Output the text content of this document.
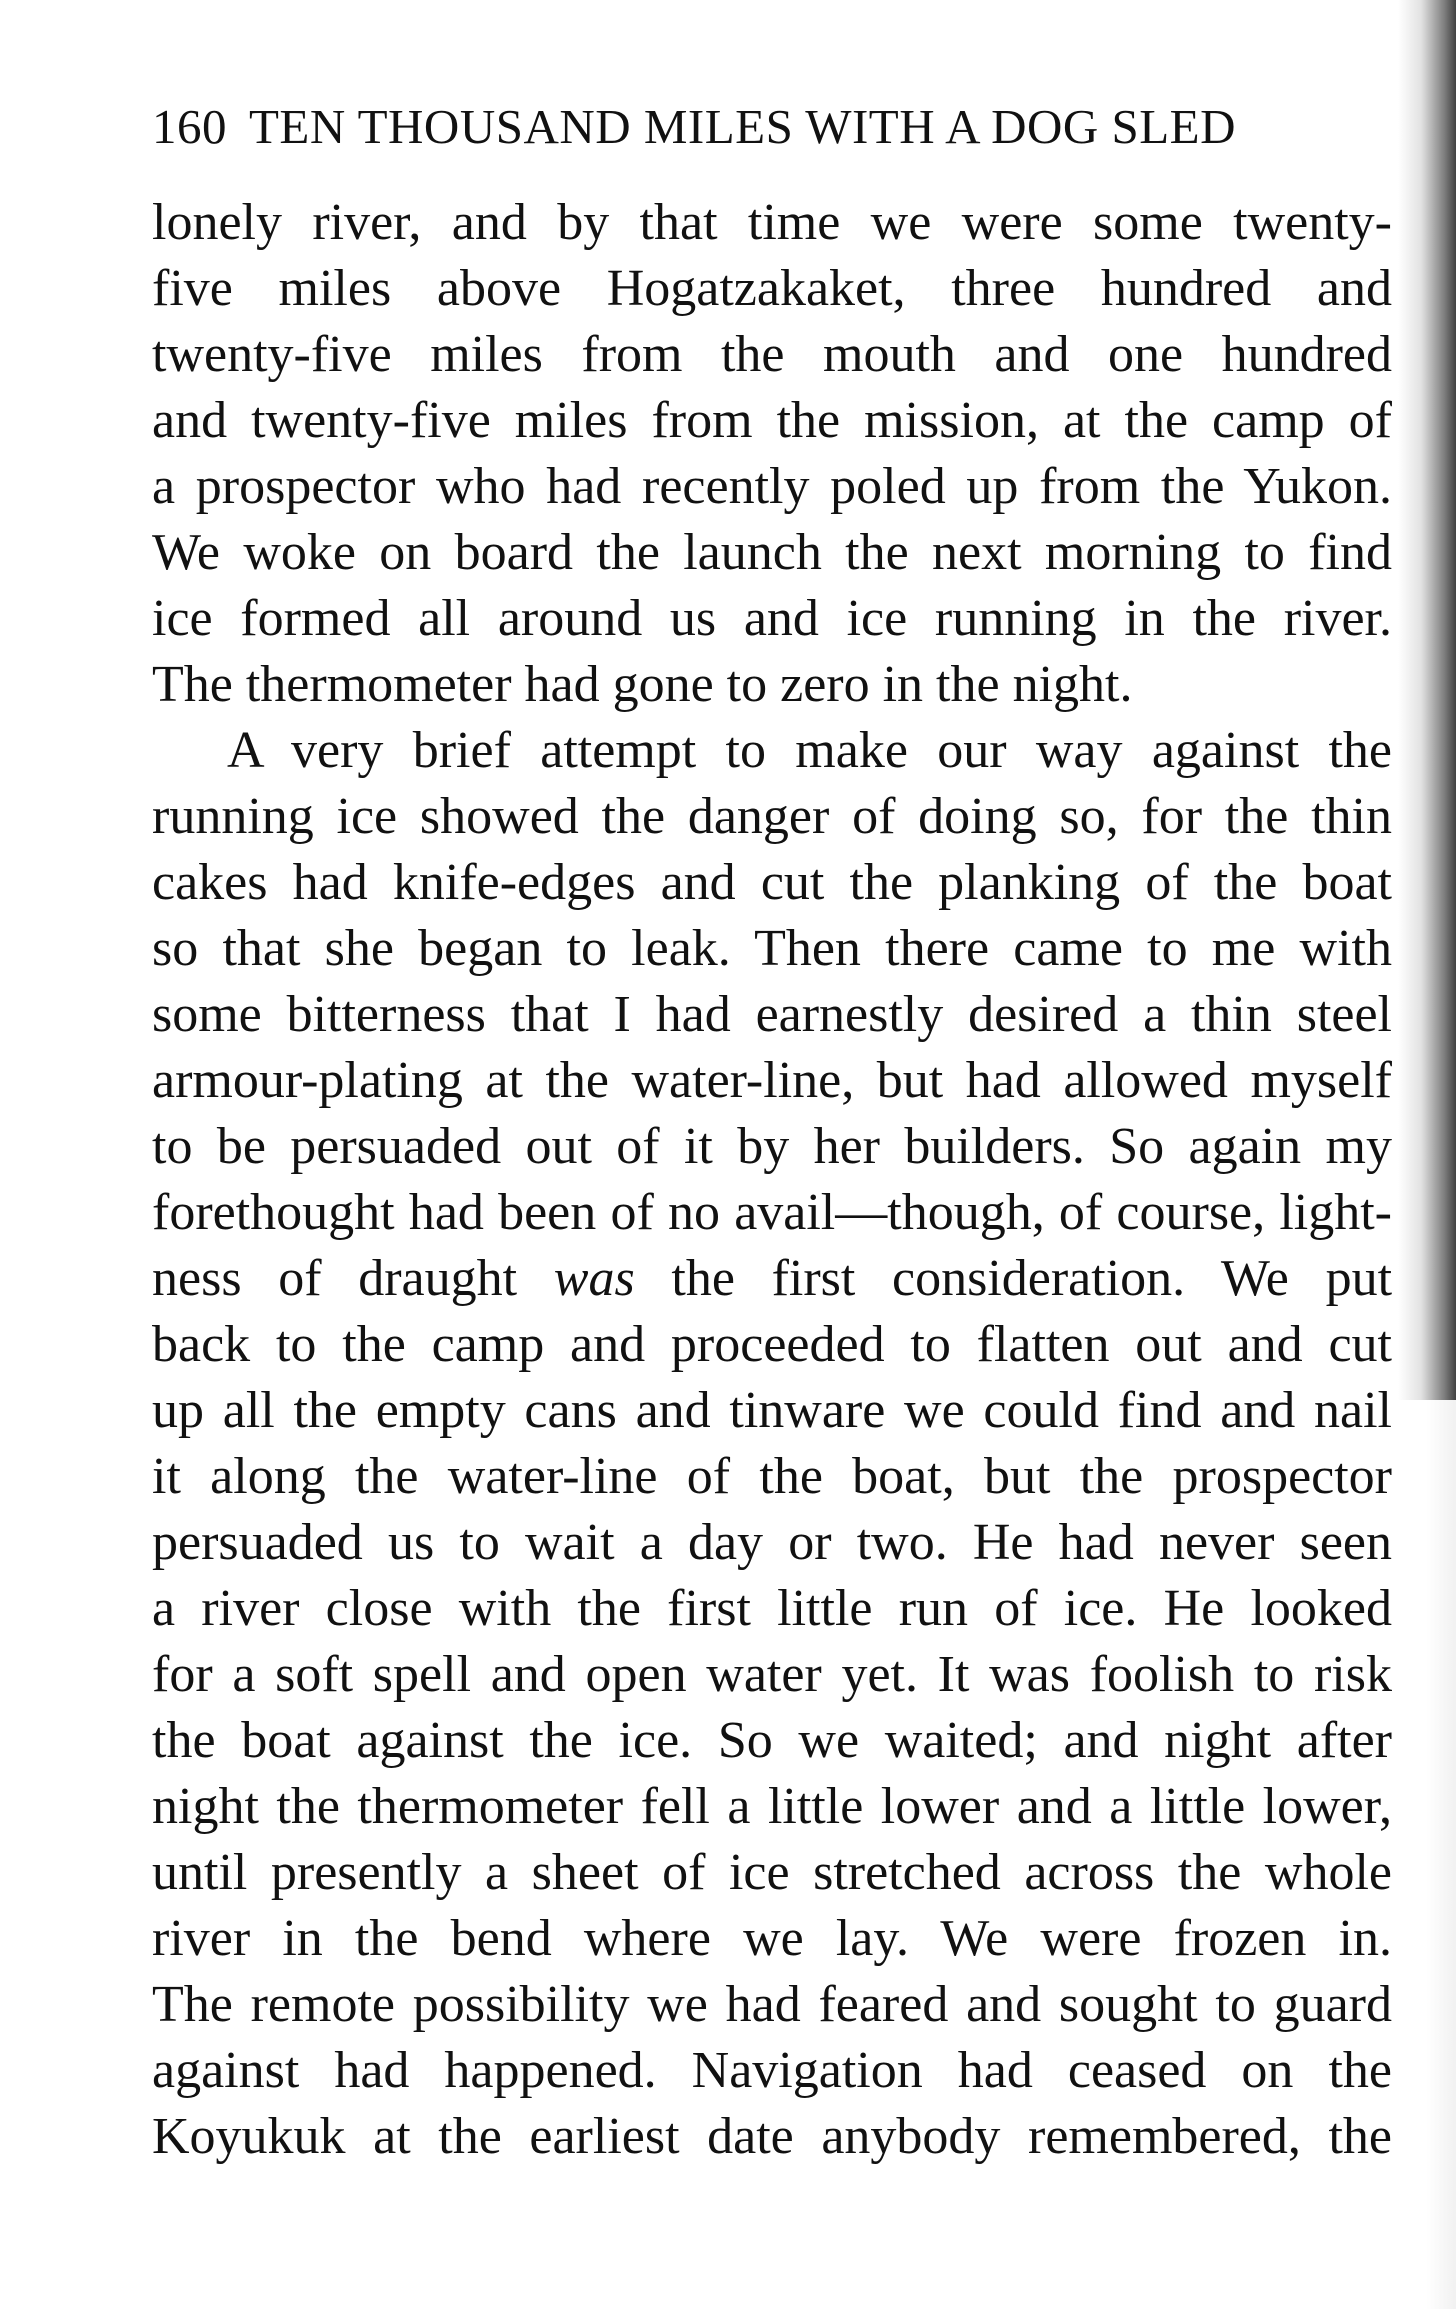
160 TEN THOUSAND MILES WITH A DOG SLED
lonely river, and by that time we were some twenty-
five miles above Hogatzakaket, three hundred and
twenty-five miles from the mouth and one hundred
and twenty-five miles from the mission, at the camp of
a prospector who had recently poled up from the Yukon.
We woke on board the launch the next morning to find
ice formed all around us and ice running in the river.
The thermometer had gone to zero in the night.
A very brief attempt to make our way against the
running ice showed the danger of doing so, for the thin
cakes had knife-edges and cut the planking of the boat
so that she began to leak. Then there came to me with
some bitterness that I had earnestly desired a thin steel
armour-plating at the water-line, but had allowed myself
to be persuaded out of it by her builders. So again my
forethought had been of no avail—though, of course, light-
ness of draught was the first consideration. We put
back to the camp and proceeded to flatten out and cut
up all the empty cans and tinware we could find and nail
it along the water-line of the boat, but the prospector
persuaded us to wait a day or two. He had never seen
a river close with the first little run of ice. He looked
for a soft spell and open water yet. It was foolish to risk
the boat against the ice. So we waited; and night after
night the thermometer fell a little lower and a little lower,
until presently a sheet of ice stretched across the whole
river in the bend where we lay. We were frozen in.
The remote possibility we had feared and sought to guard
against had happened. Navigation had ceased on the
Koyukuk at the earliest date anybody remembered, the
